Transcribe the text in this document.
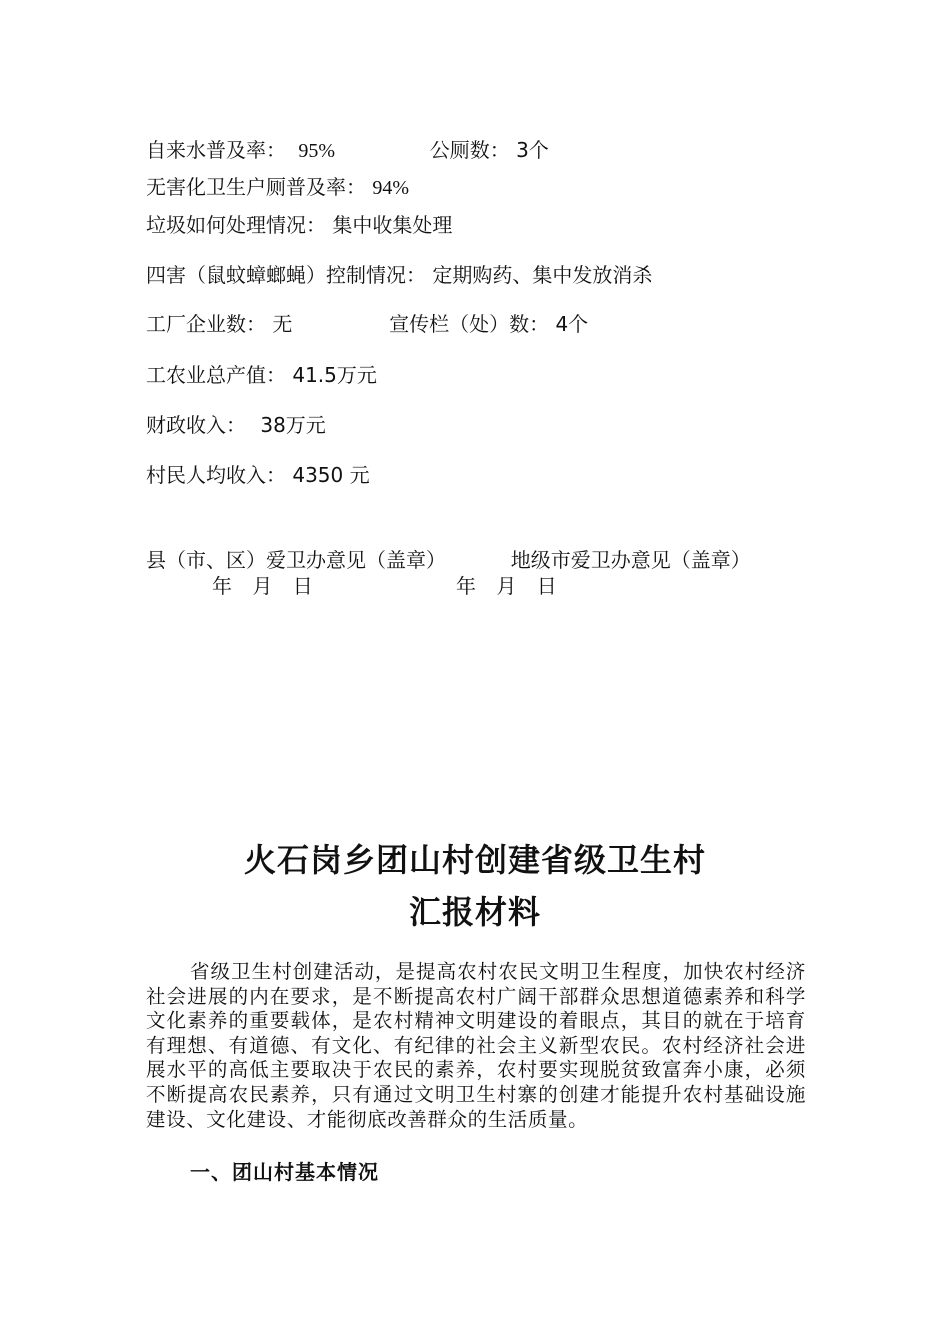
自来水普及率： 95%	公厕数： 3个
无害化卫生户厕普及率： 94%
垃圾如何处理情况： 集中收集处理
四害（鼠蚊蟑螂蝇）控制情况： 定期购药、集中发放消杀
工厂企业数： 无	宣传栏（处）数： 4个
工农业总产值： 41.5万元
财政收入： 38万元
村民人均收入： 4350 元
县（市、区）爱卫办意见（盖章）	地级市爱卫办意见（盖章）
年 月 日	年 月 日
火石岗乡团山村创建省级卫生村
汇报材料

省级卫生村创建活动，是提高农村农民文明卫生程度，加快农村经济社会进展的内在要求，是不断提高农村广阔干部群众思想道德素养和科学文化素养的重要载体，是农村精神文明建设的着眼点，其目的就在于培育有理想、有道德、有文化、有纪律的社会主义新型农民。农村经济社会进展水平的高低主要取决于农民的素养，农村要实现脱贫致富奔小康，必须不断提高农民素养，只有通过文明卫生村寨的创建才能提升农村基础设施建设、文化建设、才能彻底改善群众的生活质量。

一、团山村基本情况
